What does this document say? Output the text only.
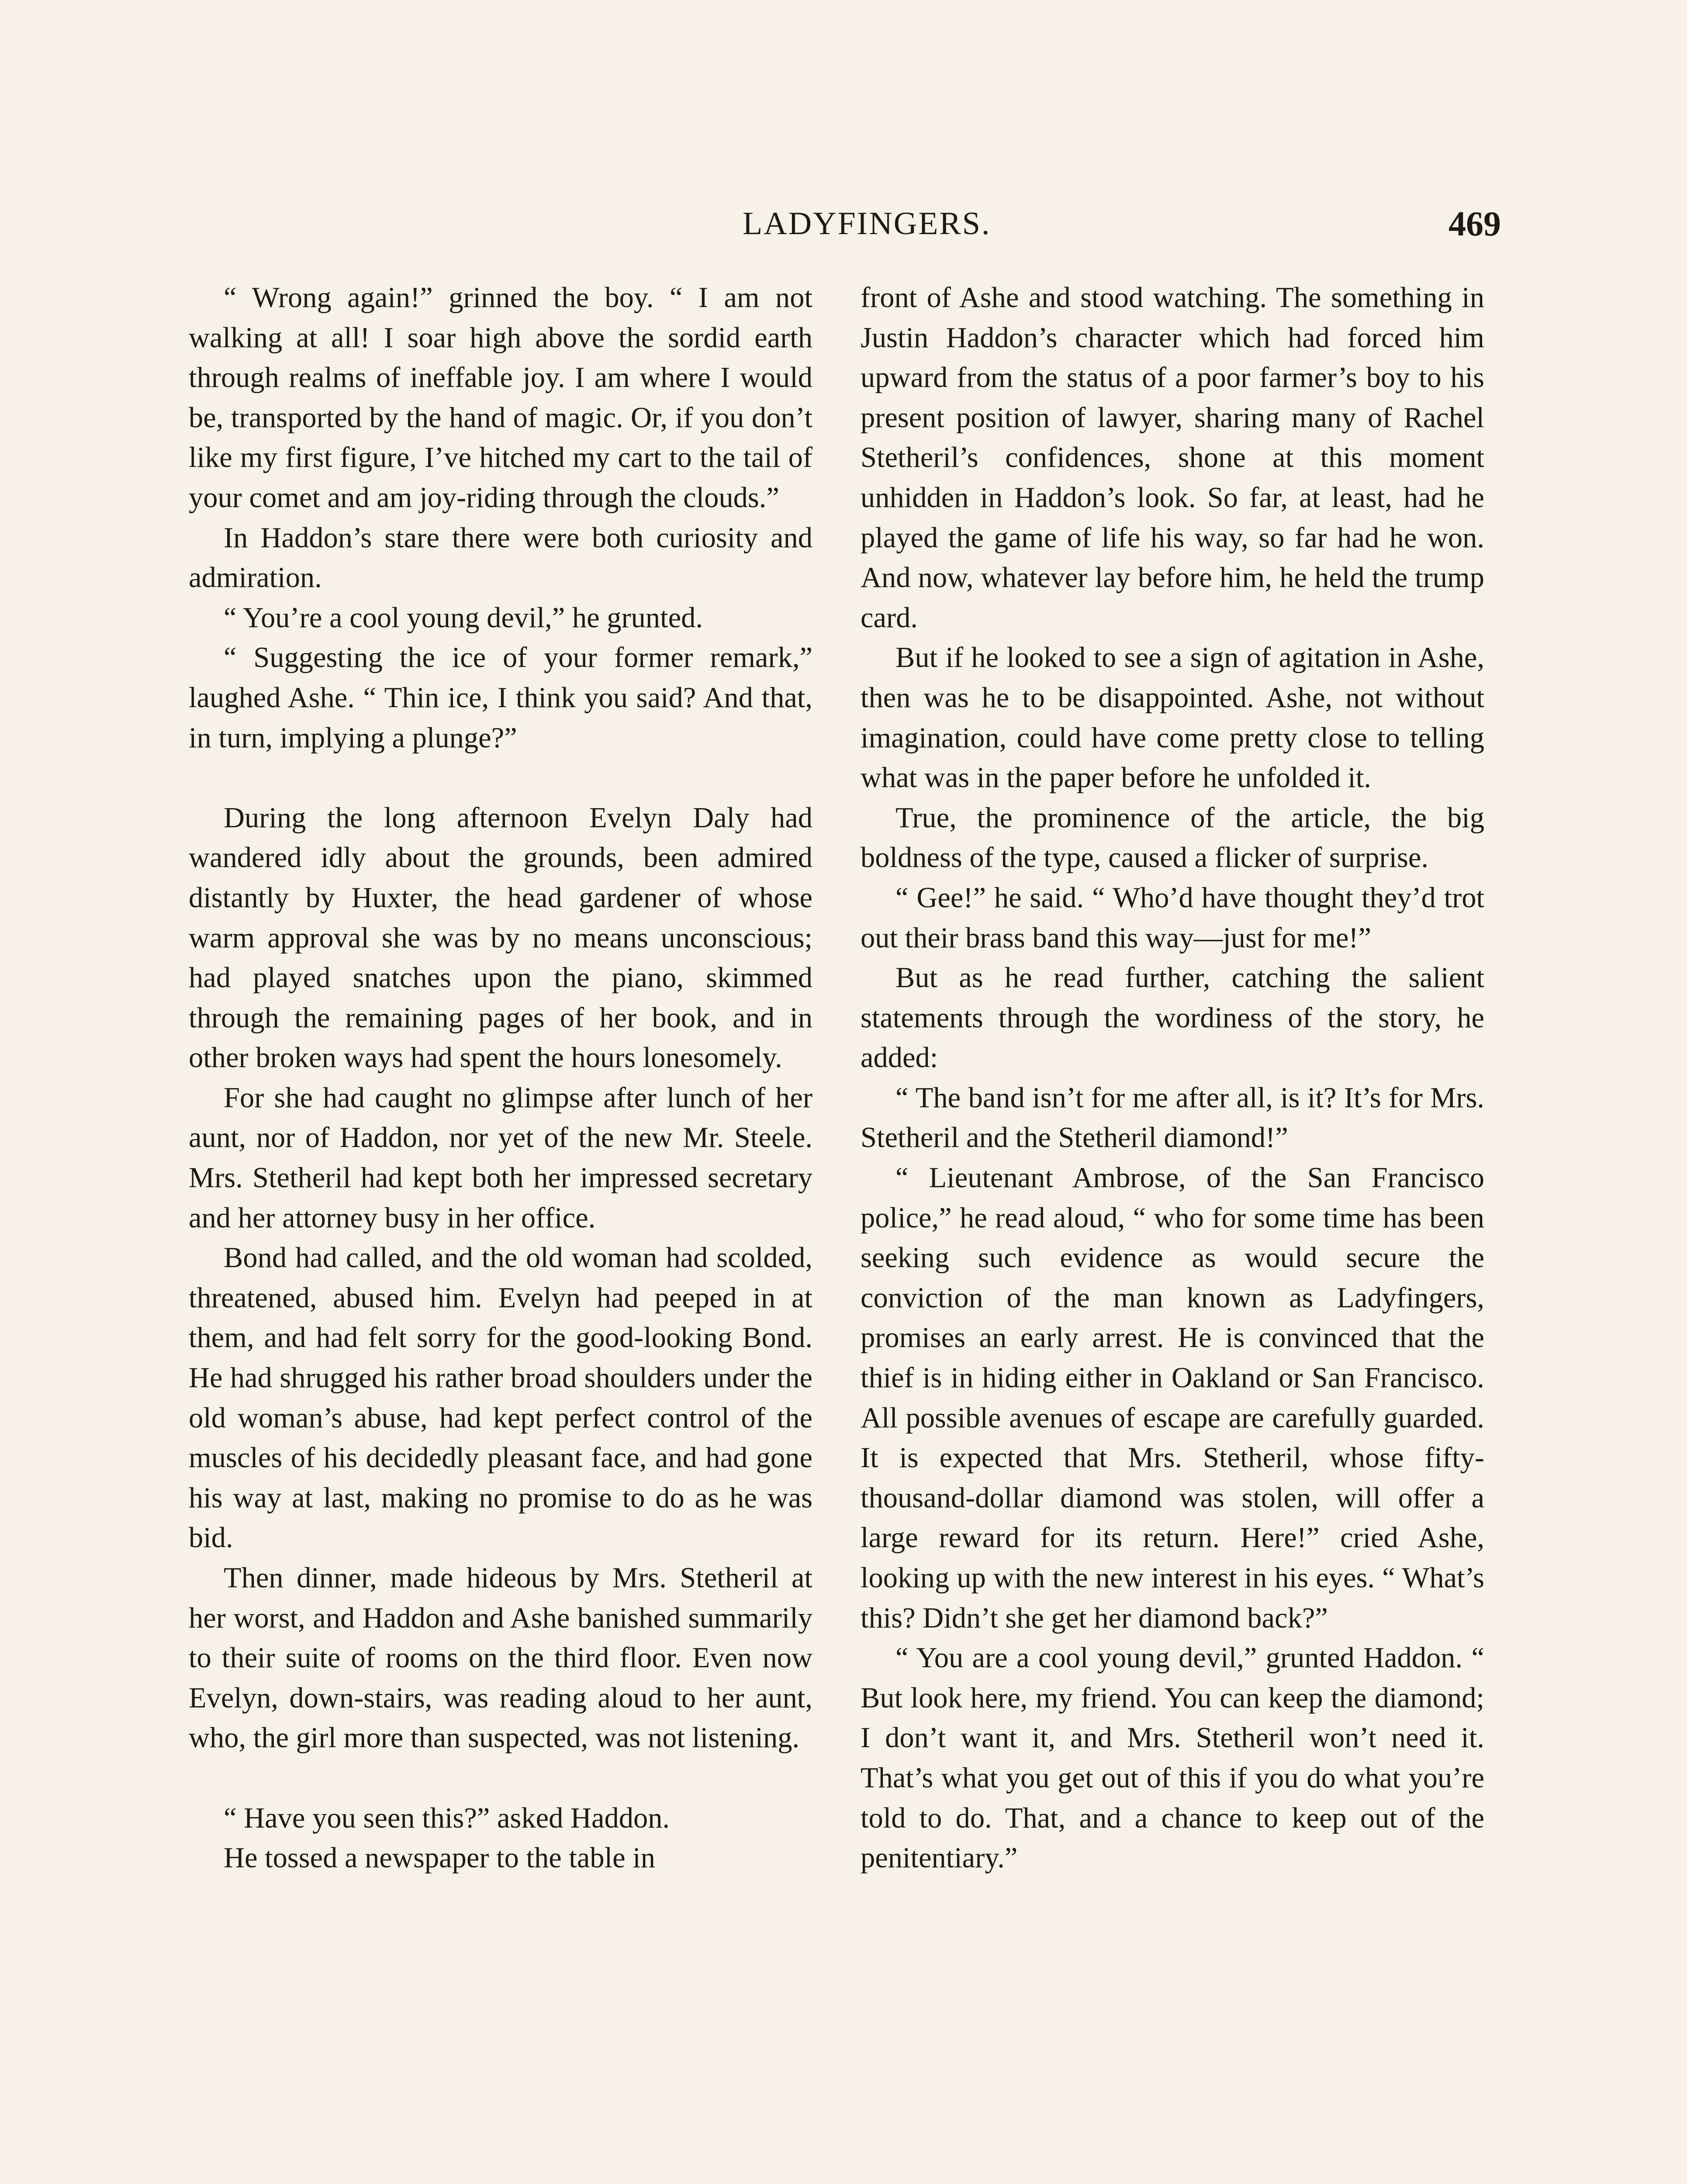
LADYFINGERS.	469

“ Wrong again!” grinned the boy. “ I am not walking at all! I soar high above the sordid earth through realms of ineffable joy. I am where I would be, transported by the hand of magic. Or, if you don’t like my first figure, I’ve hitched my cart to the tail of your comet and am joy-riding through the clouds.”

In Haddon’s stare there were both curiosity and admiration.

“ You’re a cool young devil,” he grunted.

“ Suggesting the ice of your former remark,” laughed Ashe. “ Thin ice, I think you said? And that, in turn, implying a plunge?”

During the long afternoon Evelyn Daly had wandered idly about the grounds, been admired distantly by Huxter, the head gardener of whose warm approval she was by no means unconscious; had played snatches upon the piano, skimmed through the remaining pages of her book, and in other broken ways had spent the hours lonesomely.

For she had caught no glimpse after lunch of her aunt, nor of Haddon, nor yet of the new Mr. Steele. Mrs. Stetheril had kept both her impressed secretary and her attorney busy in her office.

Bond had called, and the old woman had scolded, threatened, abused him. Evelyn had peeped in at them, and had felt sorry for the good-looking Bond. He had shrugged his rather broad shoulders under the old woman’s abuse, had kept perfect control of the muscles of his decidedly pleasant face, and had gone his way at last, making no promise to do as he was bid.

Then dinner, made hideous by Mrs. Stetheril at her worst, and Haddon and Ashe banished summarily to their suite of rooms on the third floor. Even now Evelyn, down-stairs, was reading aloud to her aunt, who, the girl more than suspected, was not listening.

“ Have you seen this?” asked Haddon.

He tossed a newspaper to the table in

front of Ashe and stood watching. The something in Justin Haddon’s character which had forced him upward from the status of a poor farmer’s boy to his present position of lawyer, sharing many of Rachel Stetheril’s confidences, shone at this moment unhidden in Haddon’s look. So far, at least, had he played the game of life his way, so far had he won. And now, whatever lay before him, he held the trump card.

But if he looked to see a sign of agitation in Ashe, then was he to be disappointed. Ashe, not without imagination, could have come pretty close to telling what was in the paper before he unfolded it.

True, the prominence of the article, the big boldness of the type, caused a flicker of surprise.

“ Gee!” he said. “ Who’d have thought they’d trot out their brass band this way—just for me!”

But as he read further, catching the salient statements through the wordiness of the story, he added:

“ The band isn’t for me after all, is it? It’s for Mrs. Stetheril and the Stetheril diamond!”

“ Lieutenant Ambrose, of the San Francisco police,” he read aloud, “ who for some time has been seeking such evidence as would secure the conviction of the man known as Ladyfingers, promises an early arrest. He is convinced that the thief is in hiding either in Oakland or San Francisco. All possible avenues of escape are carefully guarded. It is expected that Mrs. Stetheril, whose fifty-thousand-dollar diamond was stolen, will offer a large reward for its return. Here!” cried Ashe, looking up with the new interest in his eyes. “ What’s this? Didn’t she get her diamond back?”

“ You are a cool young devil,” grunted Haddon. “ But look here, my friend. You can keep the diamond; I don’t want it, and Mrs. Stetheril won’t need it. That’s what you get out of this if you do what you’re told to do. That, and a chance to keep out of the penitentiary.”
